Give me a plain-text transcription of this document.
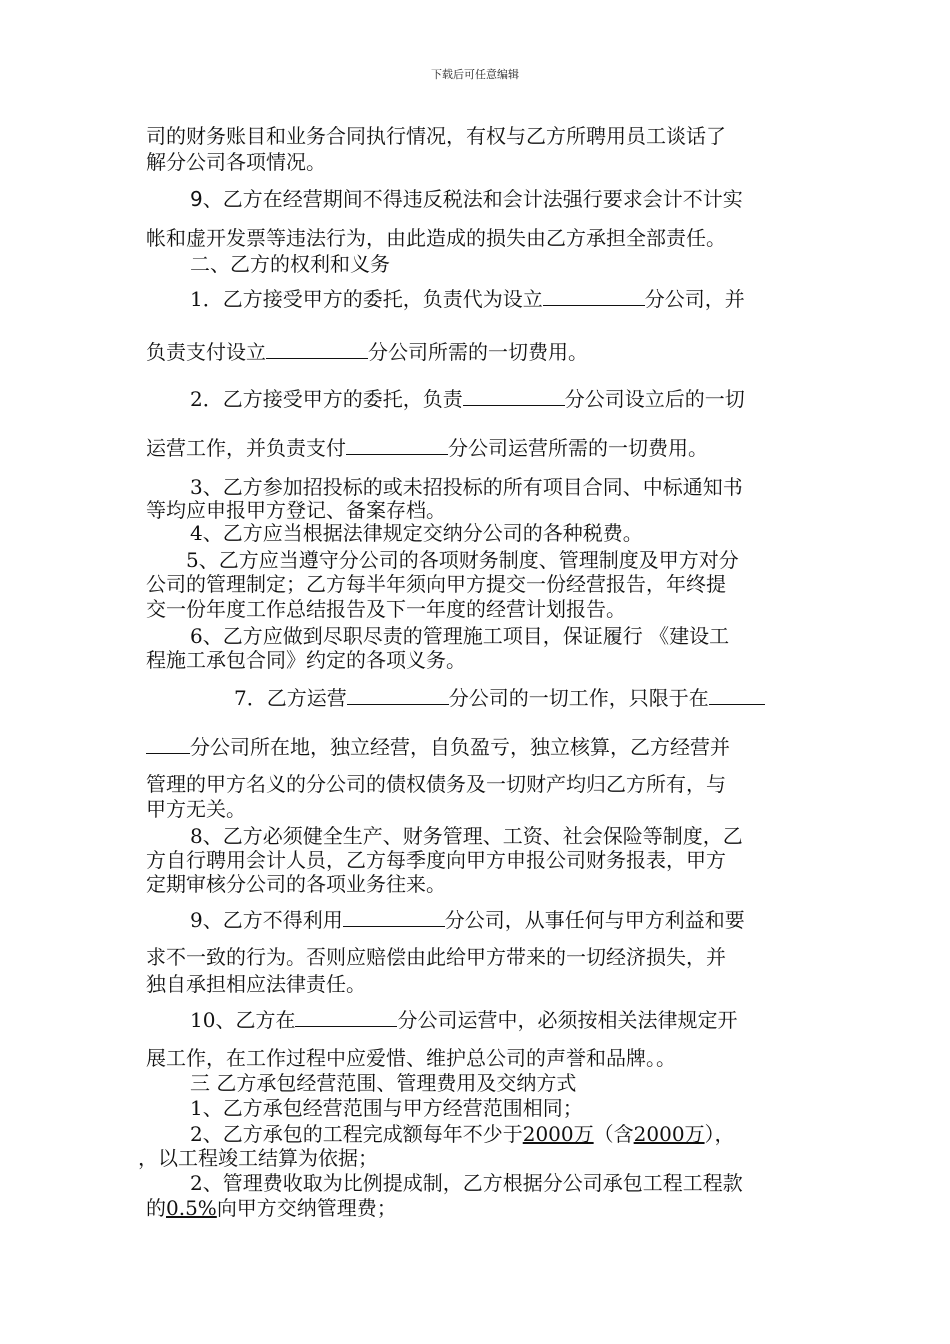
下载后可任意编辑
司的财务账目和业务合同执行情况，有权与乙方所聘用员工谈话了
解分公司各项情况。
9、乙方在经营期间不得违反税法和会计法强行要求会计不计实
帐和虚开发票等违法行为，由此造成的损失由乙方承担全部责任。
二、乙方的权利和义务
1．乙方接受甲方的委托，负责代为设立	分公司，并
负责支付设立	分公司所需的一切费用。
2．乙方接受甲方的委托，负责	分公司设立后的一切
运营工作，并负责支付	分公司运营所需的一切费用。
3、乙方参加招投标的或未招投标的所有项目合同、中标通知书
等均应申报甲方登记、备案存档。
4、乙方应当根据法律规定交纳分公司的各种税费。
5、乙方应当遵守分公司的各项财务制度、管理制度及甲方对分
公司的管理制定；乙方每半年须向甲方提交一份经营报告，年终提
交一份年度工作总结报告及下一年度的经营计划报告。
6、乙方应做到尽职尽责的管理施工项目，保证履行 《建设工
程施工承包合同》约定的各项义务。
7．乙方运营	分公司的一切工作，只限于在
分公司所在地，独立经营，自负盈亏，独立核算，乙方经营并
管理的甲方名义的分公司的债权债务及一切财产均归乙方所有，与
甲方无关。
8、乙方必须健全生产、财务管理、工资、社会保险等制度，乙
方自行聘用会计人员，乙方每季度向甲方申报公司财务报表，甲方
定期审核分公司的各项业务往来。
9、乙方不得利用	分公司，从事任何与甲方利益和要
求不一致的行为。否则应赔偿由此给甲方带来的一切经济损失，并
独自承担相应法律责任。
10、乙方在	分公司运营中，必须按相关法律规定开
展工作，在工作过程中应爱惜、维护总公司的声誉和品牌。。
三 乙方承包经营范围、管理费用及交纳方式
1、乙方承包经营范围与甲方经营范围相同；
2、乙方承包的工程完成额每年不少于2000万（含2000万），
，以工程竣工结算为依据；
2、管理费收取为比例提成制，乙方根据分公司承包工程工程款
的0.5%向甲方交纳管理费；
